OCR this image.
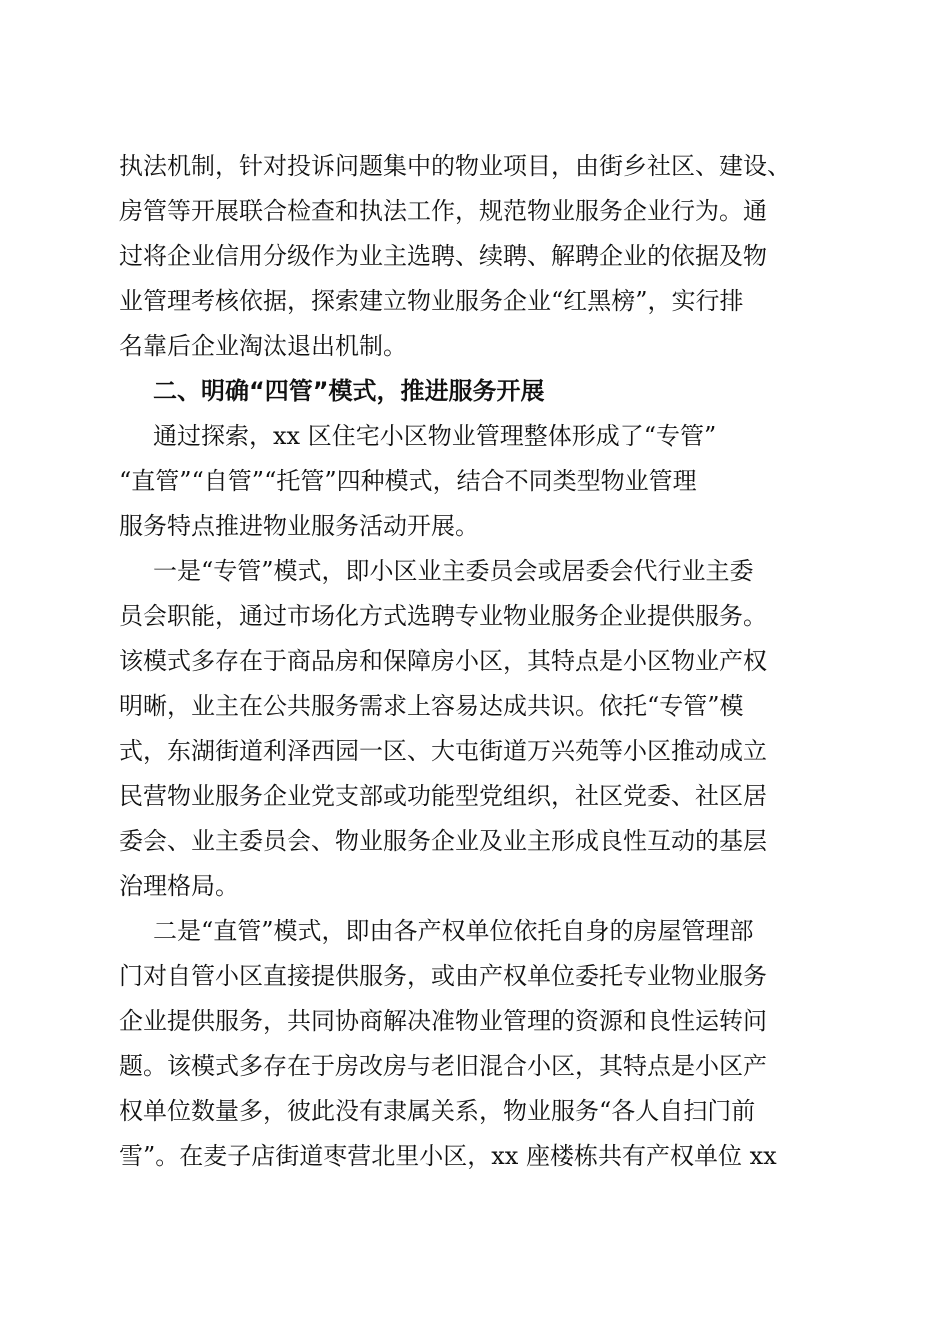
执法机制，针对投诉问题集中的物业项目，由街乡社区、建设、
房管等开展联合检查和执法工作，规范物业服务企业行为。通
过将企业信用分级作为业主选聘、续聘、解聘企业的依据及物
业管理考核依据，探索建立物业服务企业“红黑榜”，实行排
名靠后企业淘汰退出机制。
二、明确“四管”模式，推进服务开展
通过探索，xx 区住宅小区物业管理整体形成了“专管”
“直管”“自管”“托管”四种模式，结合不同类型物业管理
服务特点推进物业服务活动开展。
一是“专管”模式，即小区业主委员会或居委会代行业主委
员会职能，通过市场化方式选聘专业物业服务企业提供服务。
该模式多存在于商品房和保障房小区，其特点是小区物业产权
明晰，业主在公共服务需求上容易达成共识。依托“专管”模
式，东湖街道利泽西园一区、大屯街道万兴苑等小区推动成立
民营物业服务企业党支部或功能型党组织，社区党委、社区居
委会、业主委员会、物业服务企业及业主形成良性互动的基层
治理格局。
二是“直管”模式，即由各产权单位依托自身的房屋管理部
门对自管小区直接提供服务，或由产权单位委托专业物业服务
企业提供服务，共同协商解决准物业管理的资源和良性运转问
题。该模式多存在于房改房与老旧混合小区，其特点是小区产
权单位数量多，彼此没有隶属关系，物业服务“各人自扫门前
雪”。在麦子店街道枣营北里小区，xx 座楼栋共有产权单位 xx
